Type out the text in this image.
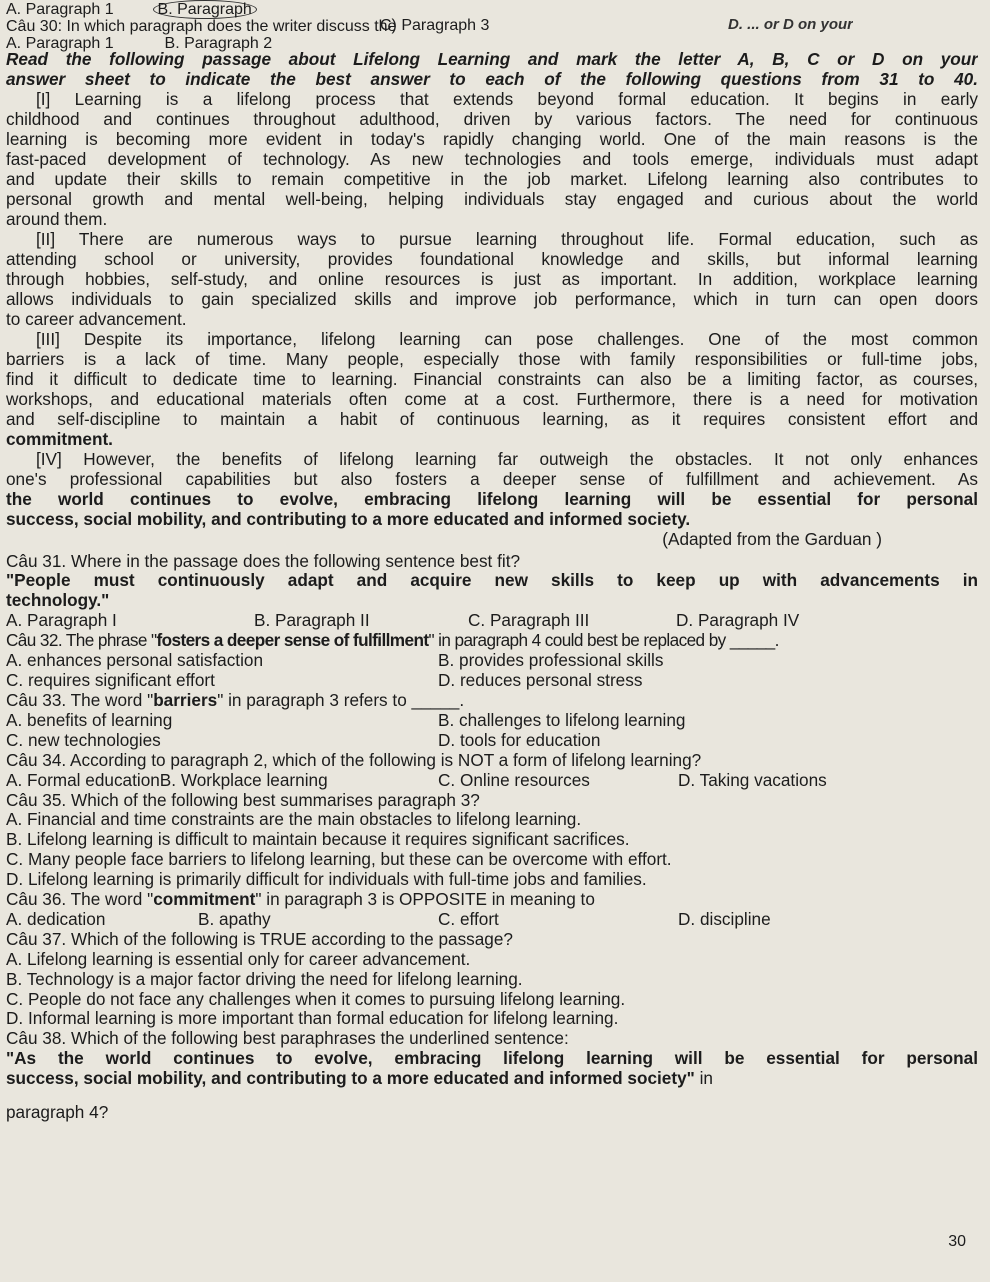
A. Paragraph 1	B. Paragraph
Câu 30: In which paragraph does the writer discuss the	D. ... or D on your
A. Paragraph 1	B. Paragraph 2
C) Paragraph 3
Read the following passage about Lifelong Learning and mark the letter A, B, C or D on your
answer sheet to indicate the best answer to each of the following questions from 31 to 40.
[I] Learning is a lifelong process that extends beyond formal education. It begins in early
childhood and continues throughout adulthood, driven by various factors. The need for continuous
learning is becoming more evident in today's rapidly changing world. One of the main reasons is the
fast-paced development of technology. As new technologies and tools emerge, individuals must adapt
and update their skills to remain competitive in the job market. Lifelong learning also contributes to
personal growth and mental well-being, helping individuals stay engaged and curious about the world
around them.
[II] There are numerous ways to pursue learning throughout life. Formal education, such as
attending school or university, provides foundational knowledge and skills, but informal learning
through hobbies, self-study, and online resources is just as important. In addition, workplace learning
allows individuals to gain specialized skills and improve job performance, which in turn can open doors
to career advancement.
[III] Despite its importance, lifelong learning can pose challenges. One of the most common
barriers is a lack of time. Many people, especially those with family responsibilities or full-time jobs,
find it difficult to dedicate time to learning. Financial constraints can also be a limiting factor, as courses,
workshops, and educational materials often come at a cost. Furthermore, there is a need for motivation
and self-discipline to maintain a habit of continuous learning, as it requires consistent effort and
commitment.
[IV] However, the benefits of lifelong learning far outweigh the obstacles. It not only enhances
one's professional capabilities but also fosters a deeper sense of fulfillment and achievement. As
the world continues to evolve, embracing lifelong learning will be essential for personal
success, social mobility, and contributing to a more educated and informed society.
(Adapted from the Garduan )
Câu 31. Where in the passage does the following sentence best fit?
"People must continuously adapt and acquire new skills to keep up with advancements in
technology."
A. Paragraph I	B. Paragraph II	C. Paragraph III	D. Paragraph IV
Câu 32. The phrase "fosters a deeper sense of fulfillment" in paragraph 4 could best be replaced by _____.
A. enhances personal satisfaction	B. provides professional skills
C. requires significant effort	D. reduces personal stress
Câu 33. The word "barriers" in paragraph 3 refers to _____.
A. benefits of learning	B. challenges to lifelong learning
C. new technologies	D. tools for education
Câu 34. According to paragraph 2, which of the following is NOT a form of lifelong learning?
A. Formal educationB. Workplace learning	C. Online resources	D. Taking vacations
Câu 35. Which of the following best summarises paragraph 3?
A. Financial and time constraints are the main obstacles to lifelong learning.
B. Lifelong learning is difficult to maintain because it requires significant sacrifices.
C. Many people face barriers to lifelong learning, but these can be overcome with effort.
D. Lifelong learning is primarily difficult for individuals with full-time jobs and families.
Câu 36. The word "commitment" in paragraph 3 is OPPOSITE in meaning to
A. dedication	B. apathy	C. effort	D. discipline
Câu 37. Which of the following is TRUE according to the passage?
A. Lifelong learning is essential only for career advancement.
B. Technology is a major factor driving the need for lifelong learning.
C. People do not face any challenges when it comes to pursuing lifelong learning.
D. Informal learning is more important than formal education for lifelong learning.
Câu 38. Which of the following best paraphrases the underlined sentence:
"As the world continues to evolve, embracing lifelong learning will be essential for personal
success, social mobility, and contributing to a more educated and informed society" in
paragraph 4?
30
